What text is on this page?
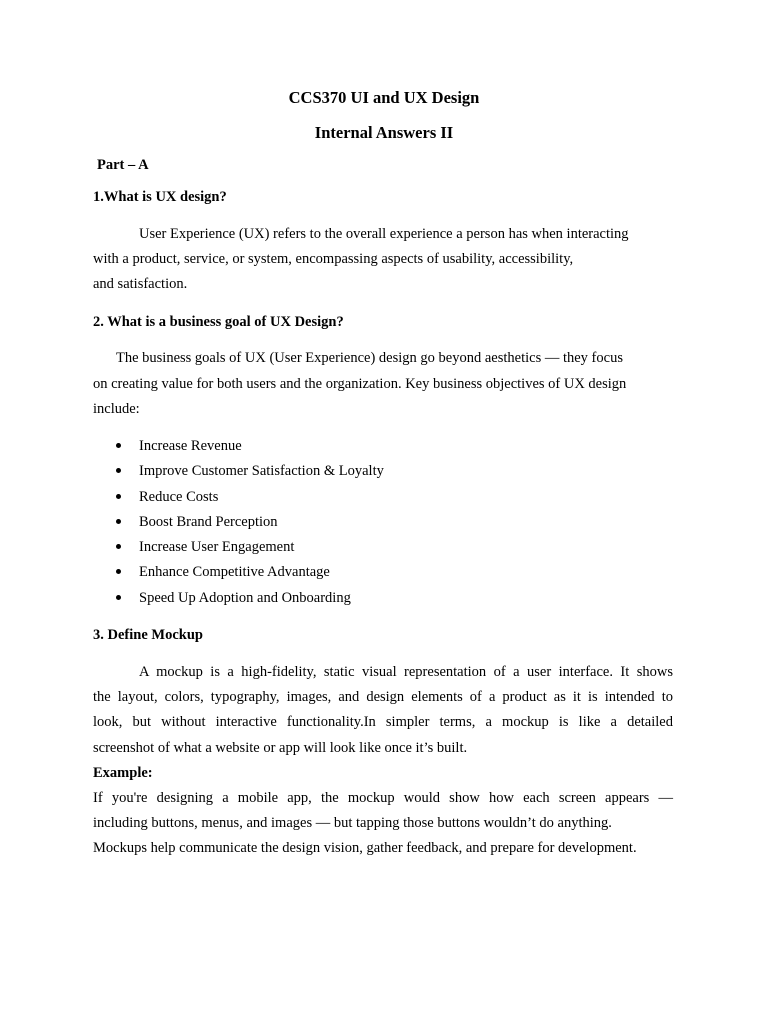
CCS370 UI and UX Design
Internal Answers II
Part – A
1.What is UX design?
User Experience (UX) refers to the overall experience a person has when interacting
with a product, service, or system, encompassing aspects of usability, accessibility,
and satisfaction.
2. What is a business goal of UX Design?
The business goals of UX (User Experience) design go beyond aesthetics — they focus
on creating value for both users and the organization. Key business objectives of UX design
include:
Increase Revenue
Improve Customer Satisfaction & Loyalty
Reduce Costs
Boost Brand Perception
Increase User Engagement
Enhance Competitive Advantage
Speed Up Adoption and Onboarding
3. Define Mockup
A mockup is a high-fidelity, static visual representation of a user interface. It shows
the layout, colors, typography, images, and design elements of a product as it is intended to
look, but without interactive functionality.In simpler terms, a mockup is like a detailed
screenshot of what a website or app will look like once it’s built.
Example:
If you're designing a mobile app, the mockup would show how each screen appears —
including buttons, menus, and images — but tapping those buttons wouldn’t do anything.
Mockups help communicate the design vision, gather feedback, and prepare for development.
